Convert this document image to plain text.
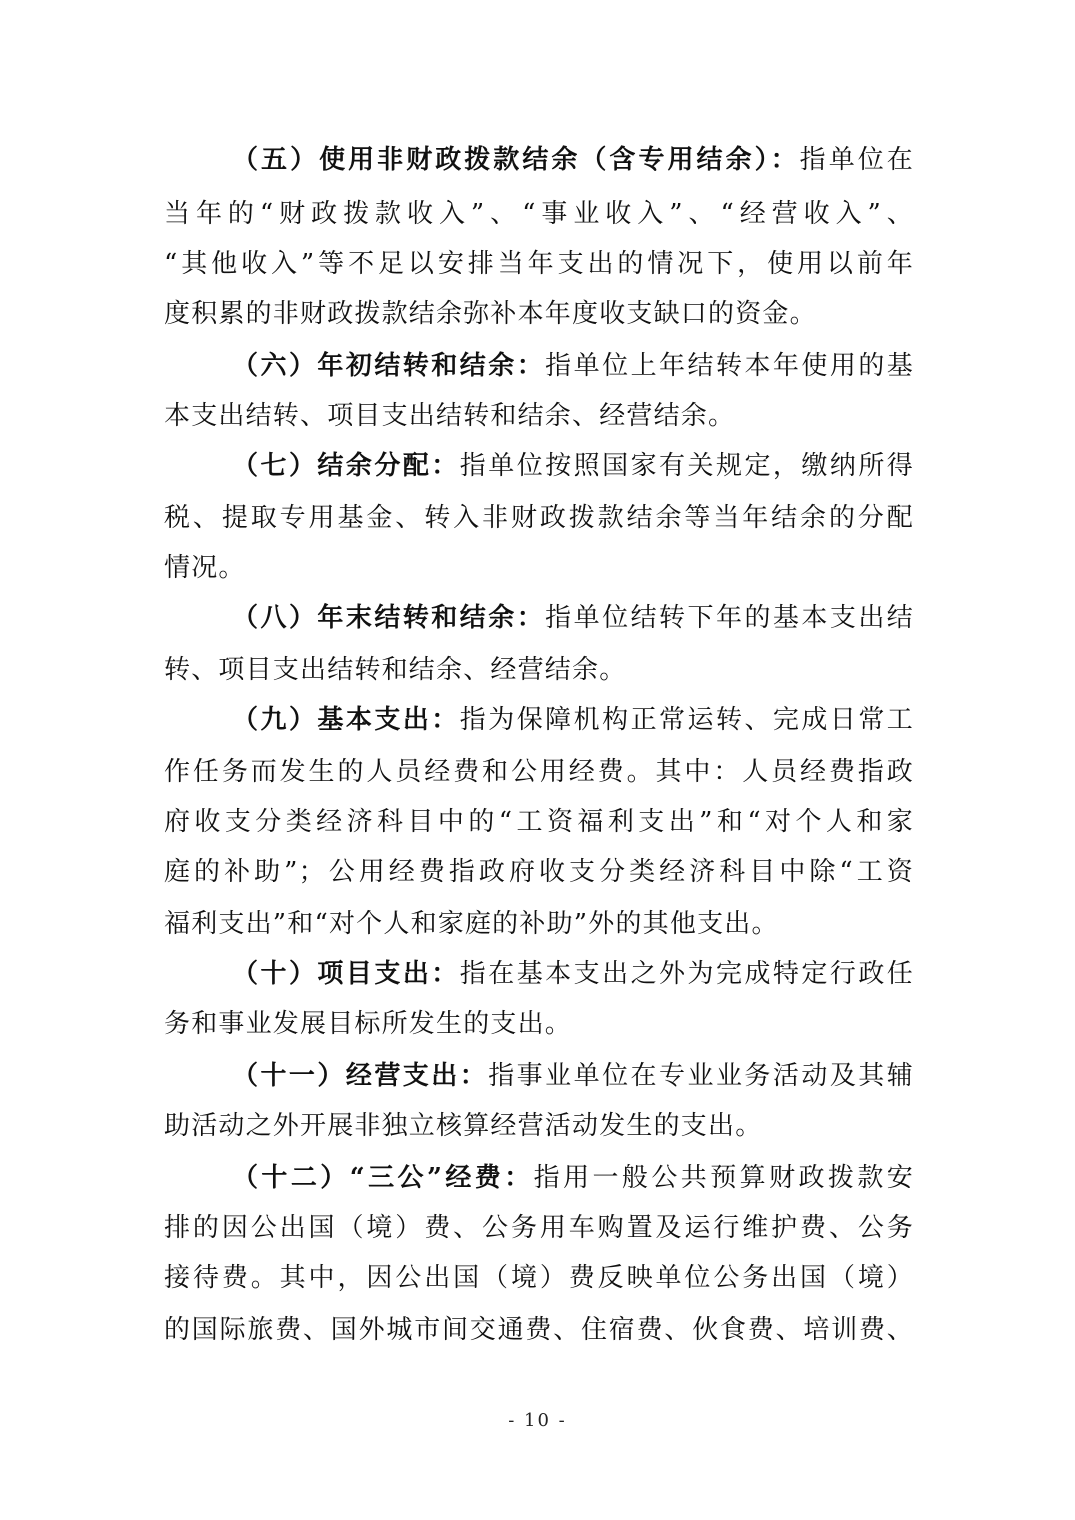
（五）使用非财政拨款结余（含专用结余）：指单位在
当年的“财政拨款收入”、“事业收入”、“经营收入”、
“其他收入”等不足以安排当年支出的情况下，使用以前年
度积累的非财政拨款结余弥补本年度收支缺口的资金。
（六）年初结转和结余：指单位上年结转本年使用的基
本支出结转、项目支出结转和结余、经营结余。
（七）结余分配：指单位按照国家有关规定，缴纳所得
税、提取专用基金、转入非财政拨款结余等当年结余的分配
情况。
（八）年末结转和结余：指单位结转下年的基本支出结
转、项目支出结转和结余、经营结余。
（九）基本支出：指为保障机构正常运转、完成日常工
作任务而发生的人员经费和公用经费。其中：人员经费指政
府收支分类经济科目中的“工资福利支出”和“对个人和家
庭的补助”；公用经费指政府收支分类经济科目中除“工资
福利支出”和“对个人和家庭的补助”外的其他支出。
（十）项目支出：指在基本支出之外为完成特定行政任
务和事业发展目标所发生的支出。
（十一）经营支出：指事业单位在专业业务活动及其辅
助活动之外开展非独立核算经营活动发生的支出。
（十二）“三公”经费：指用一般公共预算财政拨款安
排的因公出国（境）费、公务用车购置及运行维护费、公务
接待费。其中，因公出国（境）费反映单位公务出国（境）
的国际旅费、国外城市间交通费、住宿费、伙食费、培训费、
- 10 -
